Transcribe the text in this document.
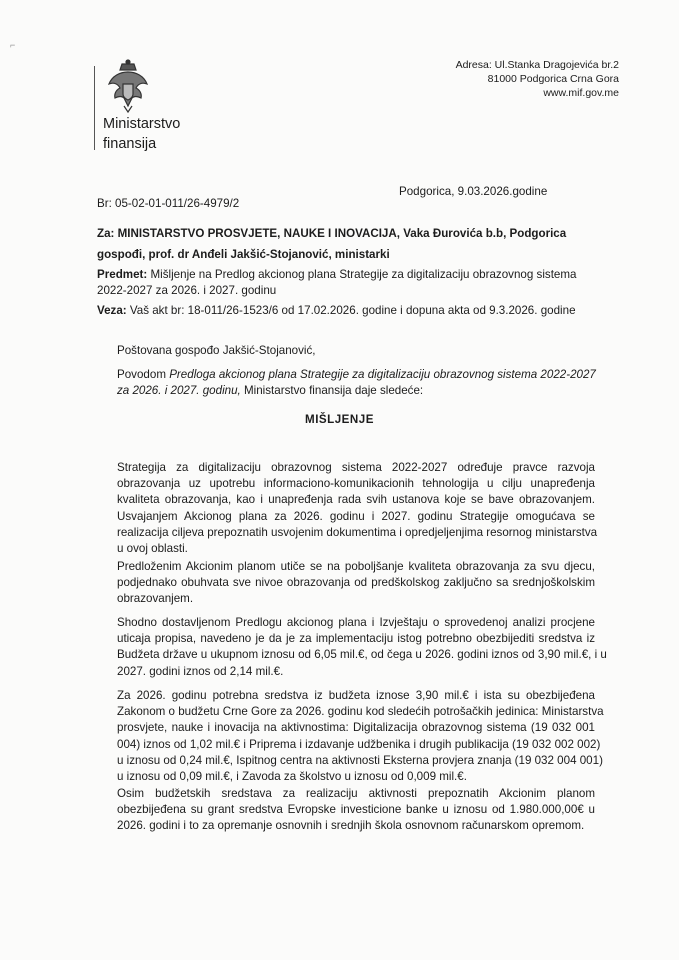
⌐
Ministarstvo
finansija
Adresa: Ul.Stanka Dragojevića br.2
81000 Podgorica Crna Gora
www.mif.gov.me
Br: 05-02-01-011/26-4979/2
Podgorica, 9.03.2026.godine
Za: MINISTARSTVO PROSVJETE, NAUKE I INOVACIJA, Vaka Đurovića b.b, Podgorica
gospođi, prof. dr Anđeli Jakšić-Stojanović, ministarki
Predmet: Mišljenje na Predlog akcionog plana Strategije za digitalizaciju obrazovnog sistema
2022-2027 za 2026. i 2027. godinu
Veza: Vaš akt br: 18-011/26-1523/6 od 17.02.2026. godine i dopuna akta od 9.3.2026. godine
Poštovana gospođo Jakšić-Stojanović,
Povodom Predloga akcionog plana Strategije za digitalizaciju obrazovnog sistema 2022-2027
za 2026. i 2027. godinu, Ministarstvo finansija daje sledeće:
MIŠLJENJE
Strategija za digitalizaciju obrazovnog sistema 2022-2027 određuje pravce razvoja
obrazovanja uz upotrebu informaciono-komunikacionih tehnologija u cilju unapređenja
kvaliteta obrazovanja, kao i unapređenja rada svih ustanova koje se bave obrazovanjem.
Usvajanjem Akcionog plana za 2026. godinu i 2027. godinu Strategije omogućava se
realizacija ciljeva prepoznatih usvojenim dokumentima i opredjeljenjima resornog ministarstva
u ovoj oblasti.
Predloženim Akcionim planom utiče se na poboljšanje kvaliteta obrazovanja za svu djecu,
podjednako obuhvata sve nivoe obrazovanja od predškolskog zaključno sa srednjoškolskim
obrazovanjem.
Shodno dostavljenom Predlogu akcionog plana i Izvještaju o sprovedenoj analizi procjene
uticaja propisa, navedeno je da je za implementaciju istog potrebno obezbijediti sredstva iz
Budžeta države u ukupnom iznosu od 6,05 mil.€, od čega u 2026. godini iznos od 3,90 mil.€, i u
2027. godini iznos od 2,14 mil.€.
Za 2026. godinu potrebna sredstva iz budžeta iznose 3,90 mil.€ i ista su obezbijeđena
Zakonom o budžetu Crne Gore za 2026. godinu kod sledećih potrošačkih jedinica: Ministarstva
prosvjete, nauke i inovacija na aktivnostima: Digitalizacija obrazovnog sistema (19 032 001
004) iznos od 1,02 mil.€ i Priprema i izdavanje udžbenika i drugih publikacija (19 032 002 002)
u iznosu od 0,24 mil.€, Ispitnog centra na aktivnosti Eksterna provjera znanja (19 032 004 001)
u iznosu od 0,09 mil.€, i Zavoda za školstvo u iznosu od 0,009 mil.€.
Osim budžetskih sredstava za realizaciju aktivnosti prepoznatih Akcionim planom
obezbijeđena su grant sredstva Evropske investicione banke u iznosu od 1.980.000,00€ u
2026. godini i to za opremanje osnovnih i srednjih škola osnovnom računarskom opremom.
